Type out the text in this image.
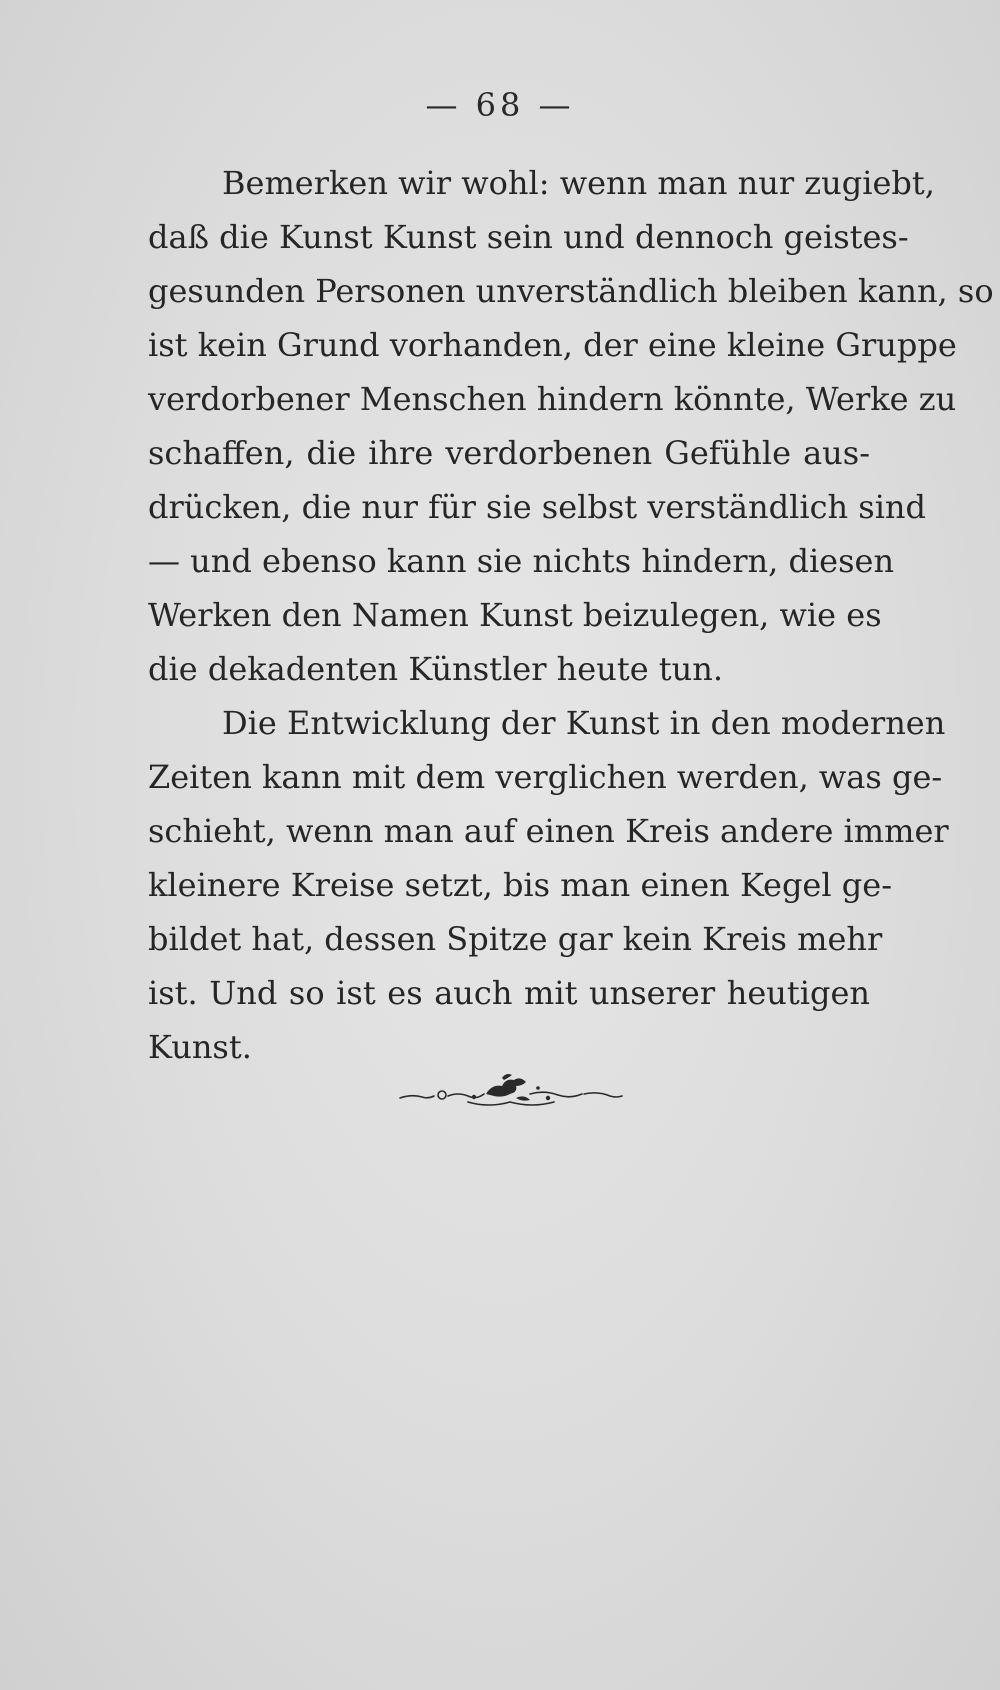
— 68 —
Bemerken wir wohl: wenn man nur zugiebt,
daß die Kunst Kunst sein und dennoch geistes-
gesunden Personen unverständlich bleiben kann, so
ist kein Grund vorhanden, der eine kleine Gruppe
verdorbener Menschen hindern könnte, Werke zu
schaffen, die ihre verdorbenen Gefühle aus-
drücken, die nur für sie selbst verständlich sind
— und ebenso kann sie nichts hindern, diesen
Werken den Namen Kunst beizulegen, wie es
die dekadenten Künstler heute tun.
Die Entwicklung der Kunst in den modernen
Zeiten kann mit dem verglichen werden, was ge-
schieht, wenn man auf einen Kreis andere immer
kleinere Kreise setzt, bis man einen Kegel ge-
bildet hat, dessen Spitze gar kein Kreis mehr
ist. Und so ist es auch mit unserer heutigen
Kunst.
